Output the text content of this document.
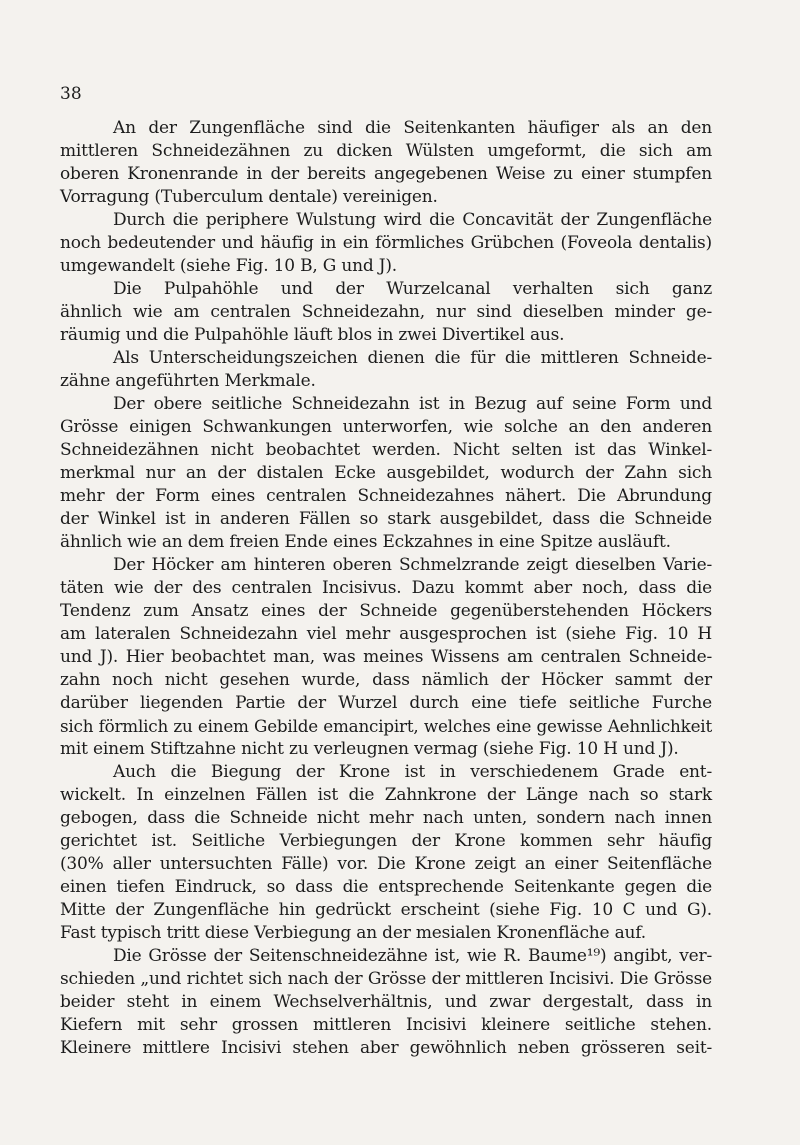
38
An der Zungenfläche sind die Seitenkanten häufiger als an den
mittleren Schneidezähnen zu dicken Wülsten umgeformt, die sich am
oberen Kronenrande in der bereits angegebenen Weise zu einer stumpfen
Vorragung (Tuberculum dentale) vereinigen.
Durch die periphere Wulstung wird die Concavität der Zungenfläche
noch bedeutender und häufig in ein förmliches Grübchen (Foveola dentalis)
umgewandelt (siehe Fig. 10 B, G und J).
Die Pulpahöhle und der Wurzelcanal verhalten sich ganz
ähnlich wie am centralen Schneidezahn, nur sind dieselben minder ge-
räumig und die Pulpahöhle läuft blos in zwei Divertikel aus.
Als Unterscheidungszeichen dienen die für die mittleren Schneide-
zähne angeführten Merkmale.
Der obere seitliche Schneidezahn ist in Bezug auf seine Form und
Grösse einigen Schwankungen unterworfen, wie solche an den anderen
Schneidezähnen nicht beobachtet werden. Nicht selten ist das Winkel-
merkmal nur an der distalen Ecke ausgebildet, wodurch der Zahn sich
mehr der Form eines centralen Schneidezahnes nähert. Die Abrundung
der Winkel ist in anderen Fällen so stark ausgebildet, dass die Schneide
ähnlich wie an dem freien Ende eines Eckzahnes in eine Spitze ausläuft.
Der Höcker am hinteren oberen Schmelzrande zeigt dieselben Varie-
täten wie der des centralen Incisivus. Dazu kommt aber noch, dass die
Tendenz zum Ansatz eines der Schneide gegenüberstehenden Höckers
am lateralen Schneidezahn viel mehr ausgesprochen ist (siehe Fig. 10 H
und J). Hier beobachtet man, was meines Wissens am centralen Schneide-
zahn noch nicht gesehen wurde, dass nämlich der Höcker sammt der
darüber liegenden Partie der Wurzel durch eine tiefe seitliche Furche
sich förmlich zu einem Gebilde emancipirt, welches eine gewisse Aehnlichkeit
mit einem Stiftzahne nicht zu verleugnen vermag (siehe Fig. 10 H und J).
Auch die Biegung der Krone ist in verschiedenem Grade ent-
wickelt. In einzelnen Fällen ist die Zahnkrone der Länge nach so stark
gebogen, dass die Schneide nicht mehr nach unten, sondern nach innen
gerichtet ist. Seitliche Verbiegungen der Krone kommen sehr häufig
(30% aller untersuchten Fälle) vor. Die Krone zeigt an einer Seitenfläche
einen tiefen Eindruck, so dass die entsprechende Seitenkante gegen die
Mitte der Zungenfläche hin gedrückt erscheint (siehe Fig. 10 C und G).
Fast typisch tritt diese Verbiegung an der mesialen Kronenfläche auf.
Die Grösse der Seitenschneidezähne ist, wie R. Baume¹⁹) angibt, ver-
schieden „und richtet sich nach der Grösse der mittleren Incisivi. Die Grösse
beider steht in einem Wechselverhältnis, und zwar dergestalt, dass in
Kiefern mit sehr grossen mittleren Incisivi kleinere seitliche stehen.
Kleinere mittlere Incisivi stehen aber gewöhnlich neben grösseren seit-
